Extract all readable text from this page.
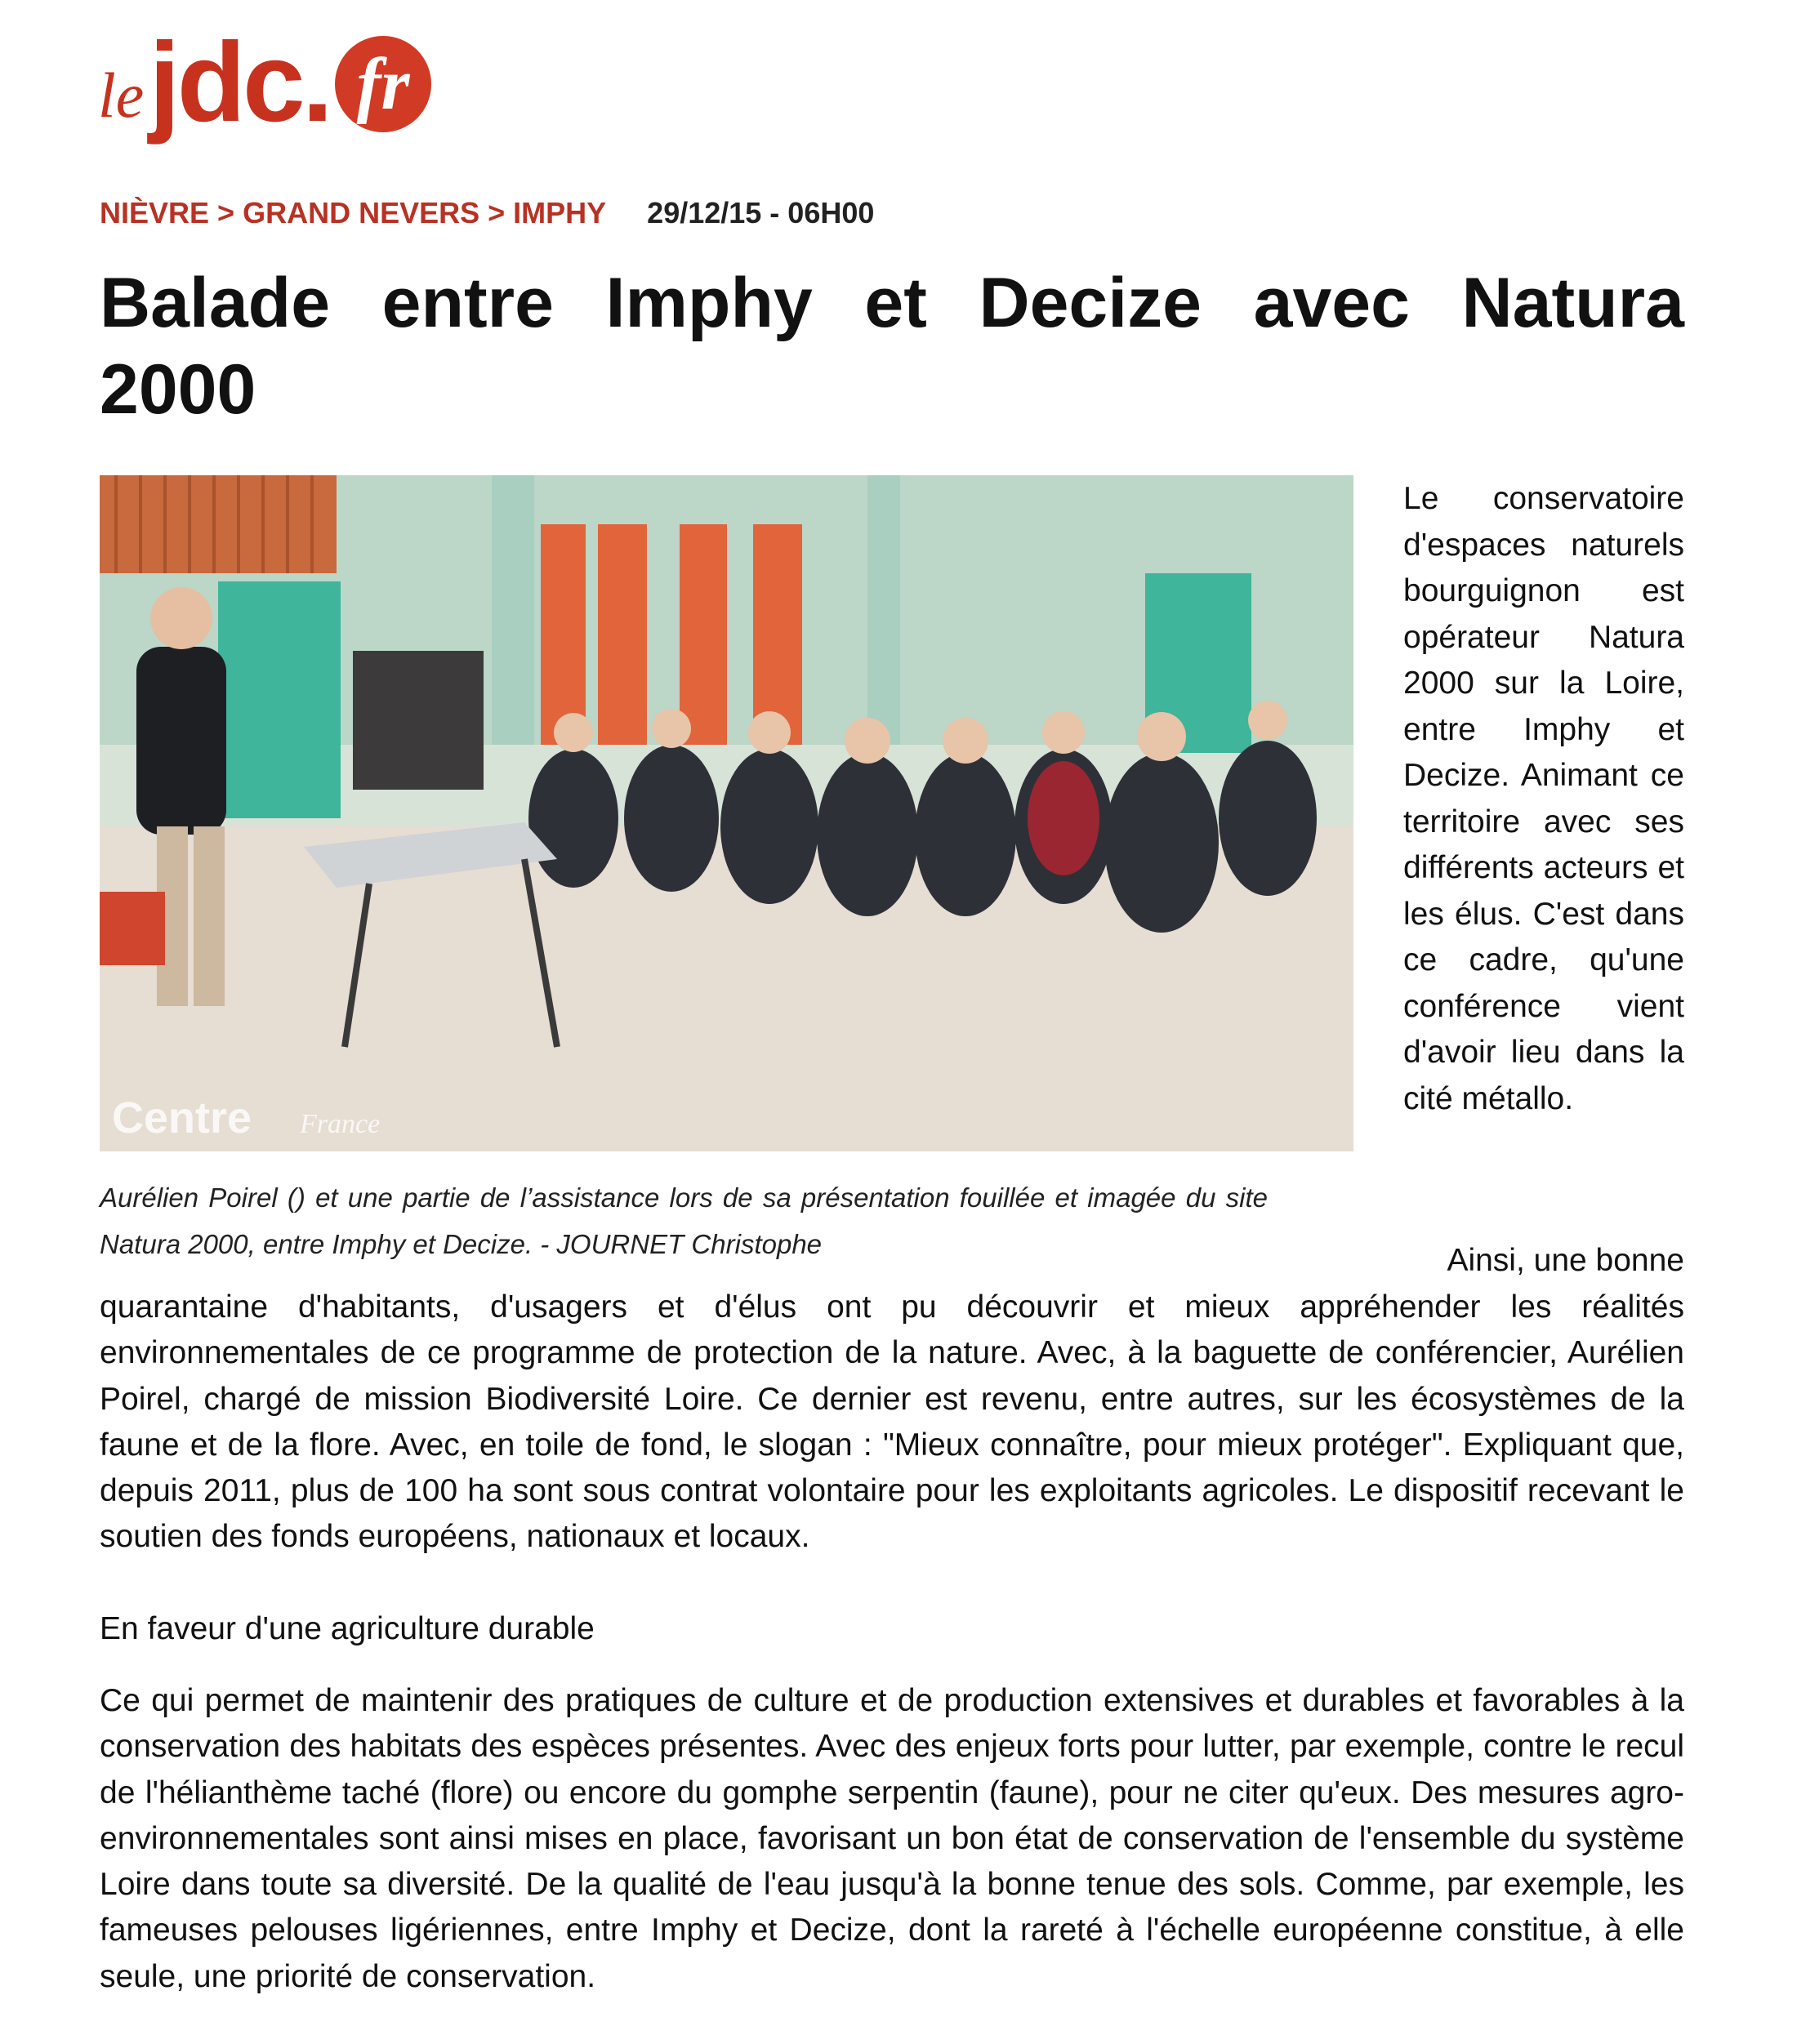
le jdc . fr
NIÈVRE > GRAND NEVERS > IMPHY 29/12/15 - 06H00
Balade entre Imphy et Decize avec Natura
2000
Centre France
Aurélien Poirel () et une partie de l’assistance lors de sa présentation fouillée et imagée du site Natura 2000, entre Imphy et Decize. - JOURNET Christophe
Le conservatoire d'espaces naturels bourguignon est opérateur Natura 2000 sur la Loire, entre Imphy et Decize. Animant ce territoire avec ses différents acteurs et les élus. C'est dans ce cadre, qu'une conférence vient d'avoir lieu dans la cité métallo.
Ainsi, une bonne
quarantaine d'habitants, d'usagers et d'élus ont pu découvrir et mieux appréhender les réalités environnementales de ce programme de protection de la nature. Avec, à la baguette de conférencier, Aurélien Poirel, chargé de mission Biodiversité Loire. Ce dernier est revenu, entre autres, sur les écosystèmes de la faune et de la flore. Avec, en toile de fond, le slogan : "Mieux connaître, pour mieux protéger". Expliquant que, depuis 2011, plus de 100 ha sont sous contrat volontaire pour les exploitants agricoles. Le dispositif recevant le soutien des fonds européens, nationaux et locaux.
En faveur d'une agriculture durable
Ce qui permet de maintenir des pratiques de culture et de production extensives et durables et favorables à la conservation des habitats des espèces présentes. Avec des enjeux forts pour lutter, par exemple, contre le recul de l'hélianthème taché (flore) ou encore du gomphe serpentin (faune), pour ne citer qu'eux. Des mesures agro-environnementales sont ainsi mises en place, favorisant un bon état de conservation de l'ensemble du système Loire dans toute sa diversité. De la qualité de l'eau jusqu'à la bonne tenue des sols. Comme, par exemple, les fameuses pelouses ligériennes, entre Imphy et Decize, dont la rareté à l'échelle européenne constitue, à elle seule, une priorité de conservation.
